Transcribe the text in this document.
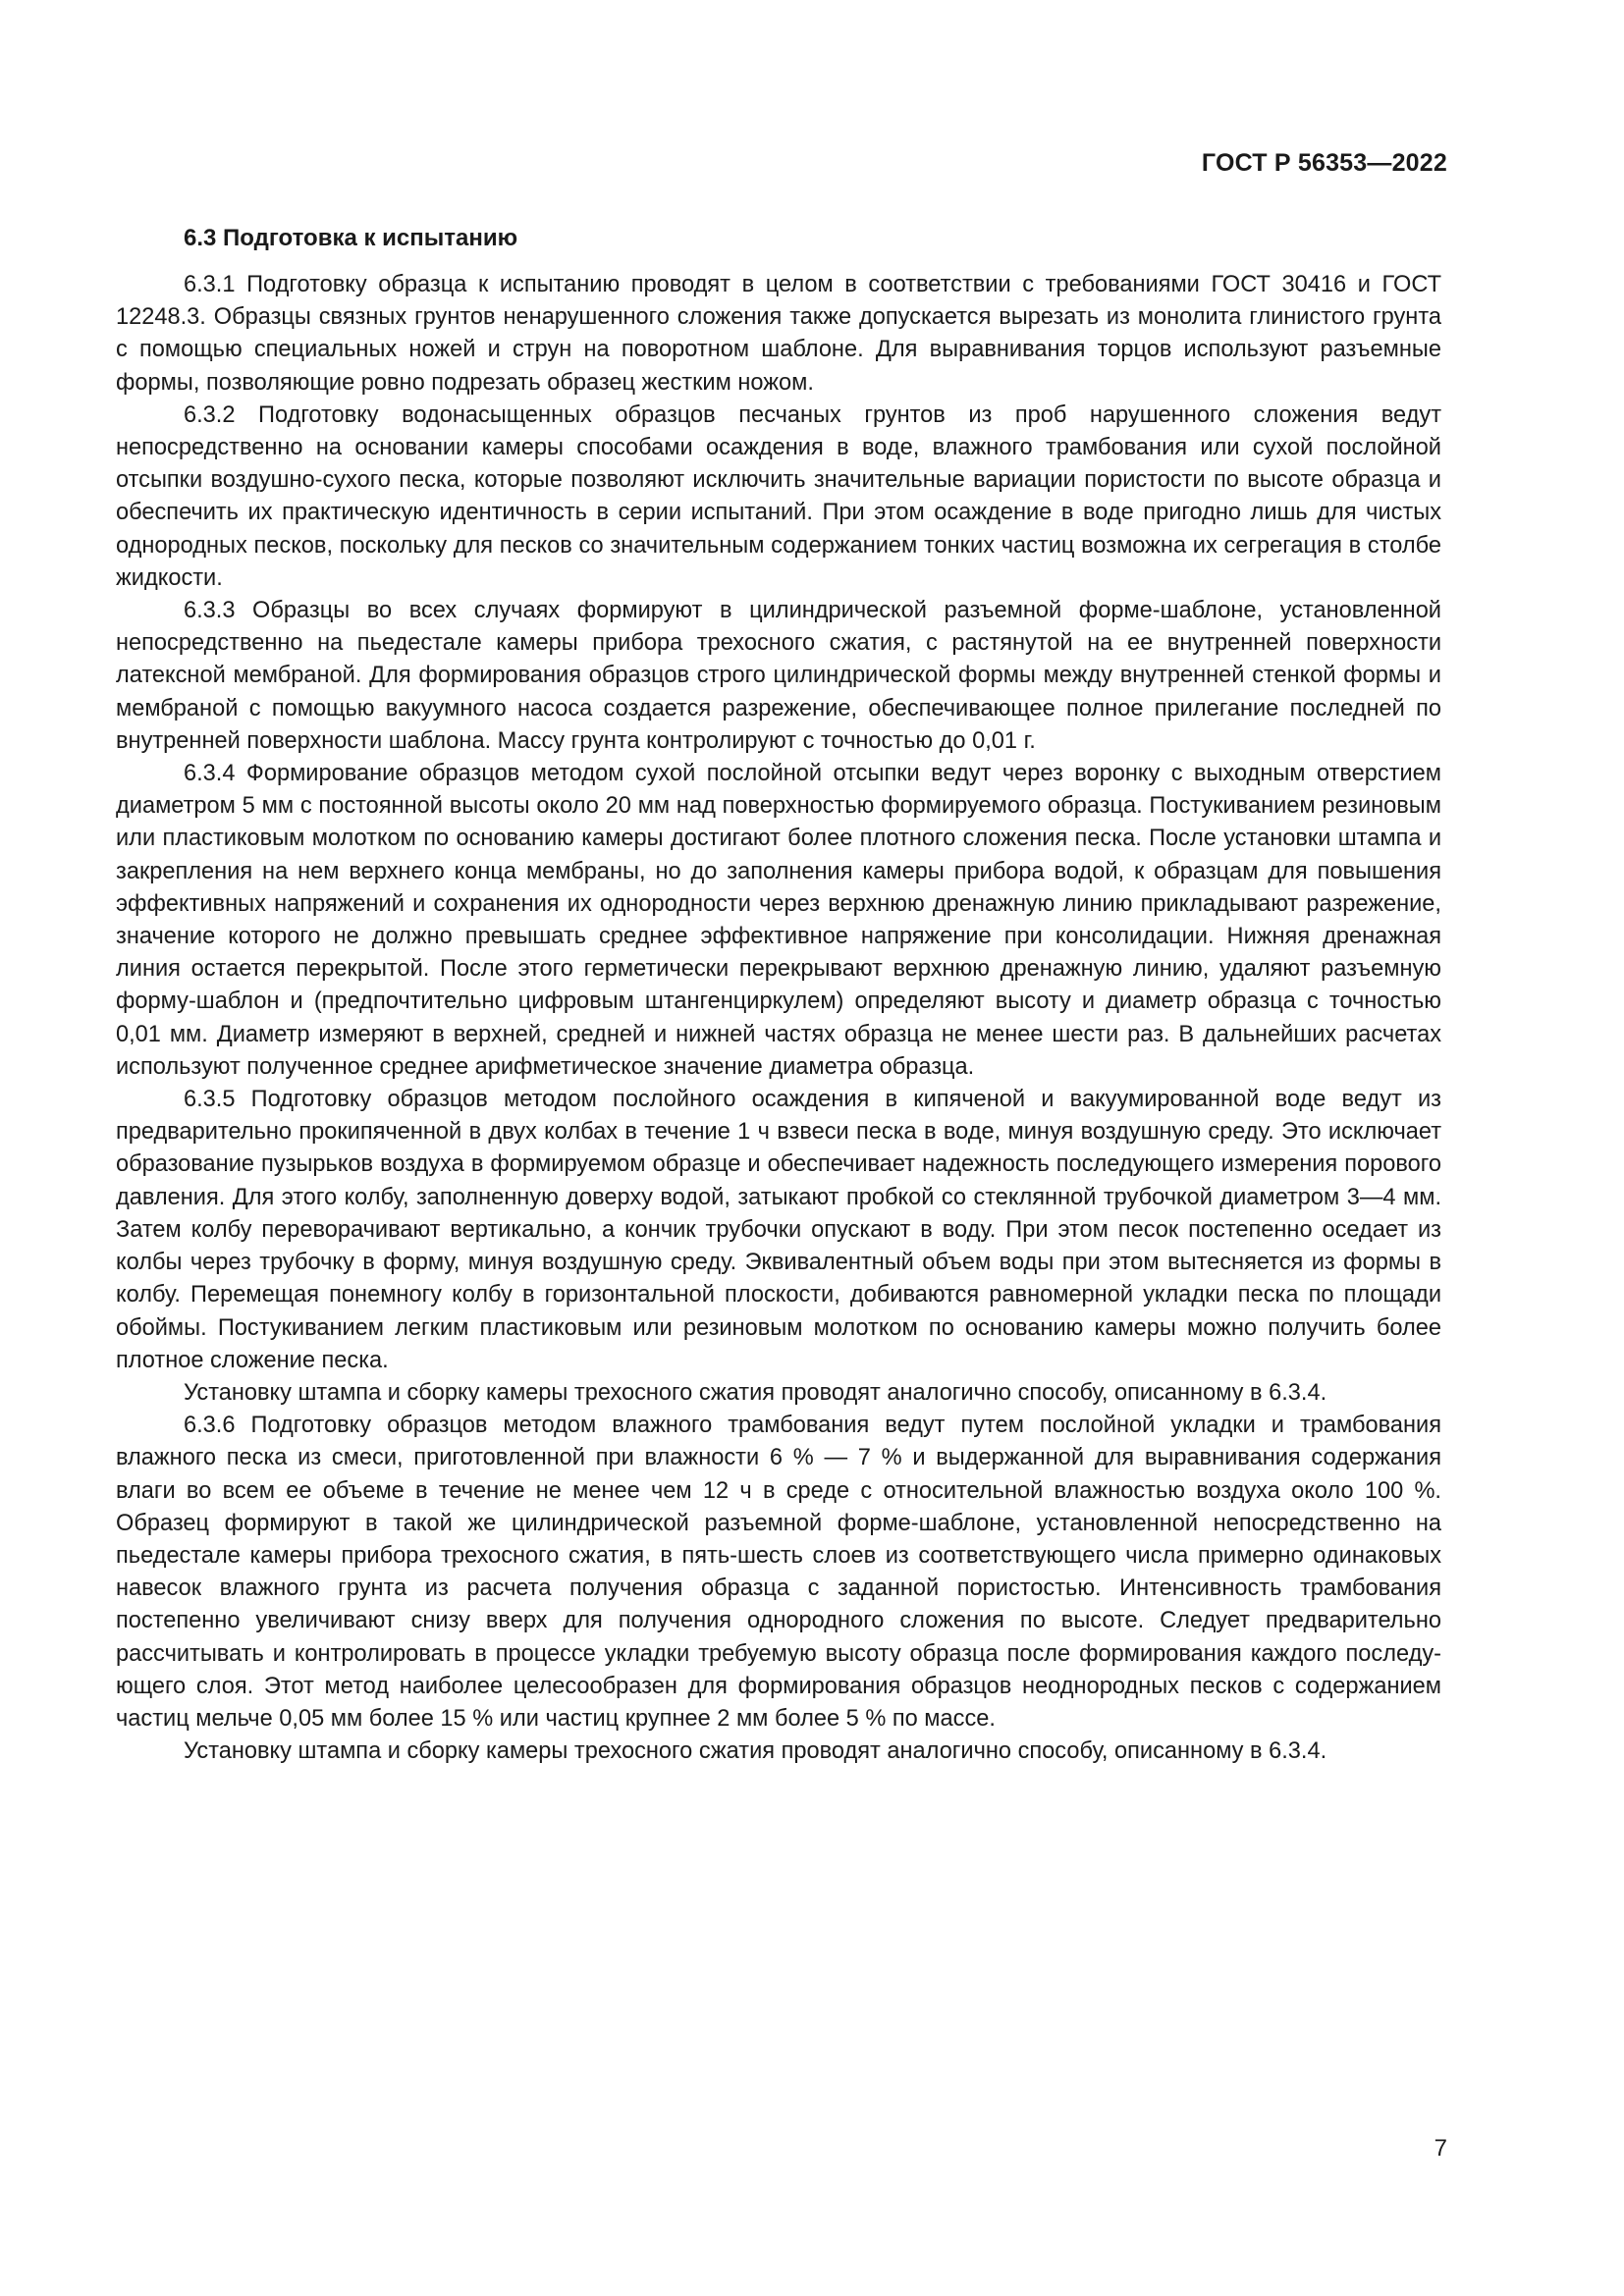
ГОСТ Р 56353—2022
6.3 Подготовка к испытанию

6.3.1 Подготовку образца к испытанию проводят в целом в соответствии с требованиями ГОСТ 30416 и ГОСТ 12248.3. Образцы связных грунтов ненарушенного сложения также допускается вырезать из монолита глинистого грунта с помощью специальных ножей и струн на поворотном шаблоне. Для выравнивания торцов используют разъемные формы, позволяющие ровно подрезать образец жестким ножом.

6.3.2 Подготовку водонасыщенных образцов песчаных грунтов из проб нарушенного сложения ведут непосредственно на основании камеры способами осаждения в воде, влажного трамбования или сухой послойной отсыпки воздушно-сухого песка, которые позволяют исключить значительные вариации пористости по высоте образца и обеспечить их практическую идентичность в серии испытаний. При этом осаждение в воде пригодно лишь для чистых однородных песков, поскольку для песков со значительным содержанием тонких частиц возможна их сегрегация в столбе жидкости.

6.3.3 Образцы во всех случаях формируют в цилиндрической разъемной форме-шаблоне, установленной непосредственно на пьедестале камеры прибора трехосного сжатия, с растянутой на ее внутренней поверхности латексной мембраной. Для формирования образцов строго цилиндрической формы между внутренней стенкой формы и мембраной с помощью вакуумного насоса создается разрежение, обеспечивающее полное прилегание последней по внутренней поверхности шаблона. Массу грунта контролируют с точностью до 0,01 г.

6.3.4 Формирование образцов методом сухой послойной отсыпки ведут через воронку с выходным отверстием диаметром 5 мм с постоянной высоты около 20 мм над поверхностью формируемого образца. Постукиванием резиновым или пластиковым молотком по основанию камеры достигают более плотного сложения песка. После установки штампа и закрепления на нем верхнего конца мембраны, но до заполнения камеры прибора водой, к образцам для повышения эффективных напряжений и сохранения их однородности через верхнюю дренажную линию прикладывают разрежение, значение которого не должно превышать среднее эффективное напряжение при консолидации. Нижняя дренажная линия остается перекрытой. После этого герметически перекрывают верхнюю дренажную линию, удаляют разъемную форму-шаблон и (предпочтительно цифровым штангенциркулем) определяют высоту и диаметр образца с точностью 0,01 мм. Диаметр измеряют в верхней, средней и нижней частях образца не менее шести раз. В дальнейших расчетах используют полученное среднее арифметическое значение диаметра образца.

6.3.5 Подготовку образцов методом послойного осаждения в кипяченой и вакуумированной воде ведут из предварительно прокипяченной в двух колбах в течение 1 ч взвеси песка в воде, минуя воздушную среду. Это исключает образование пузырьков воздуха в формируемом образце и обеспечивает надежность последующего измерения порового давления. Для этого колбу, заполненную доверху водой, затыкают пробкой со стеклянной трубочкой диаметром 3—4 мм. Затем колбу переворачивают вертикально, а кончик трубочки опускают в воду. При этом песок постепенно оседает из колбы через трубочку в форму, минуя воздушную среду. Эквивалентный объем воды при этом вытесняется из формы в колбу. Перемещая понемногу колбу в горизонтальной плоскости, добиваются равномерной укладки песка по площади обоймы. Постукиванием легким пластиковым или резиновым молотком по основанию камеры можно получить более плотное сложение песка.

Установку штампа и сборку камеры трехосного сжатия проводят аналогично способу, описанному в 6.3.4.

6.3.6 Подготовку образцов методом влажного трамбования ведут путем послойной укладки и трамбования влажного песка из смеси, приготовленной при влажности 6 % — 7 % и выдержанной для выравнивания содержания влаги во всем ее объеме в течение не менее чем 12 ч в среде с относительной влажностью воздуха около 100 %. Образец формируют в такой же цилиндрической разъемной форме-шаблоне, установленной непосредственно на пьедестале камеры прибора трехосного сжатия, в пять-шесть слоев из соответствующего числа примерно одинаковых навесок влажного грунта из расчета получения образца с заданной пористостью. Интенсивность трамбования постепенно увеличивают снизу вверх для получения однородного сложения по высоте. Следует предварительно рассчитывать и контролировать в процессе укладки требуемую высоту образца после формирования каждого последующего слоя. Этот метод наиболее целесообразен для формирования образцов неоднородных песков с содержанием частиц мельче 0,05 мм более 15 % или частиц крупнее 2 мм более 5 % по массе.

Установку штампа и сборку камеры трехосного сжатия проводят аналогично способу, описанному в 6.3.4.

7
